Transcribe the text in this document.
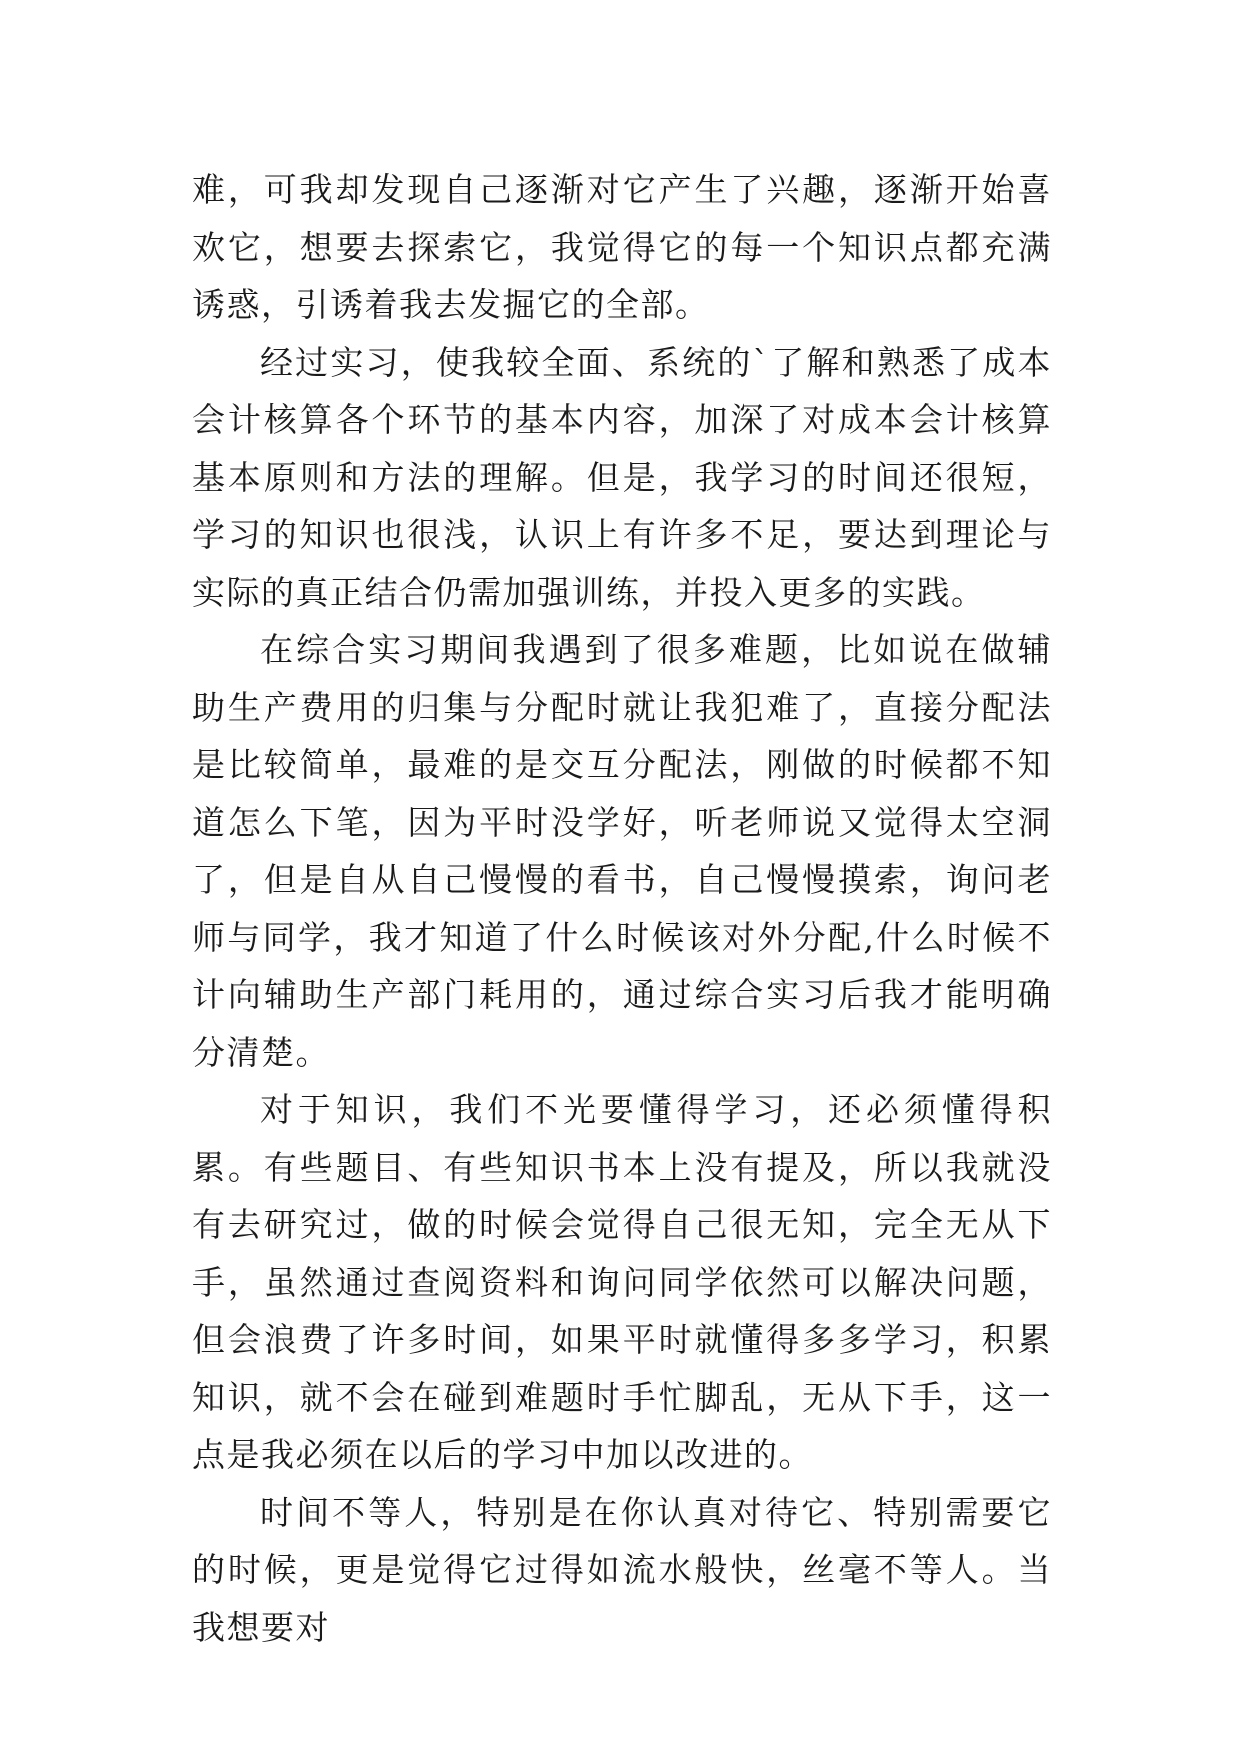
难，可我却发现自己逐渐对它产生了兴趣，逐渐开始喜欢它，想要去探索它，我觉得它的每一个知识点都充满诱惑，引诱着我去发掘它的全部。

经过实习，使我较全面、系统的`了解和熟悉了成本会计核算各个环节的基本内容，加深了对成本会计核算基本原则和方法的理解。但是，我学习的时间还很短，学习的知识也很浅，认识上有许多不足，要达到理论与实际的真正结合仍需加强训练，并投入更多的实践。

在综合实习期间我遇到了很多难题，比如说在做辅助生产费用的归集与分配时就让我犯难了，直接分配法是比较简单，最难的是交互分配法，刚做的时候都不知道怎么下笔，因为平时没学好，听老师说又觉得太空洞了，但是自从自己慢慢的看书，自己慢慢摸索，询问老师与同学，我才知道了什么时候该对外分配,什么时候不计向辅助生产部门耗用的，通过综合实习后我才能明确分清楚。

对于知识，我们不光要懂得学习，还必须懂得积累。有些题目、有些知识书本上没有提及，所以我就没有去研究过，做的时候会觉得自己很无知，完全无从下手，虽然通过查阅资料和询问同学依然可以解决问题，但会浪费了许多时间，如果平时就懂得多多学习，积累知识，就不会在碰到难题时手忙脚乱，无从下手，这一点是我必须在以后的学习中加以改进的。

时间不等人，特别是在你认真对待它、特别需要它的时候，更是觉得它过得如流水般快，丝毫不等人。当我想要对
